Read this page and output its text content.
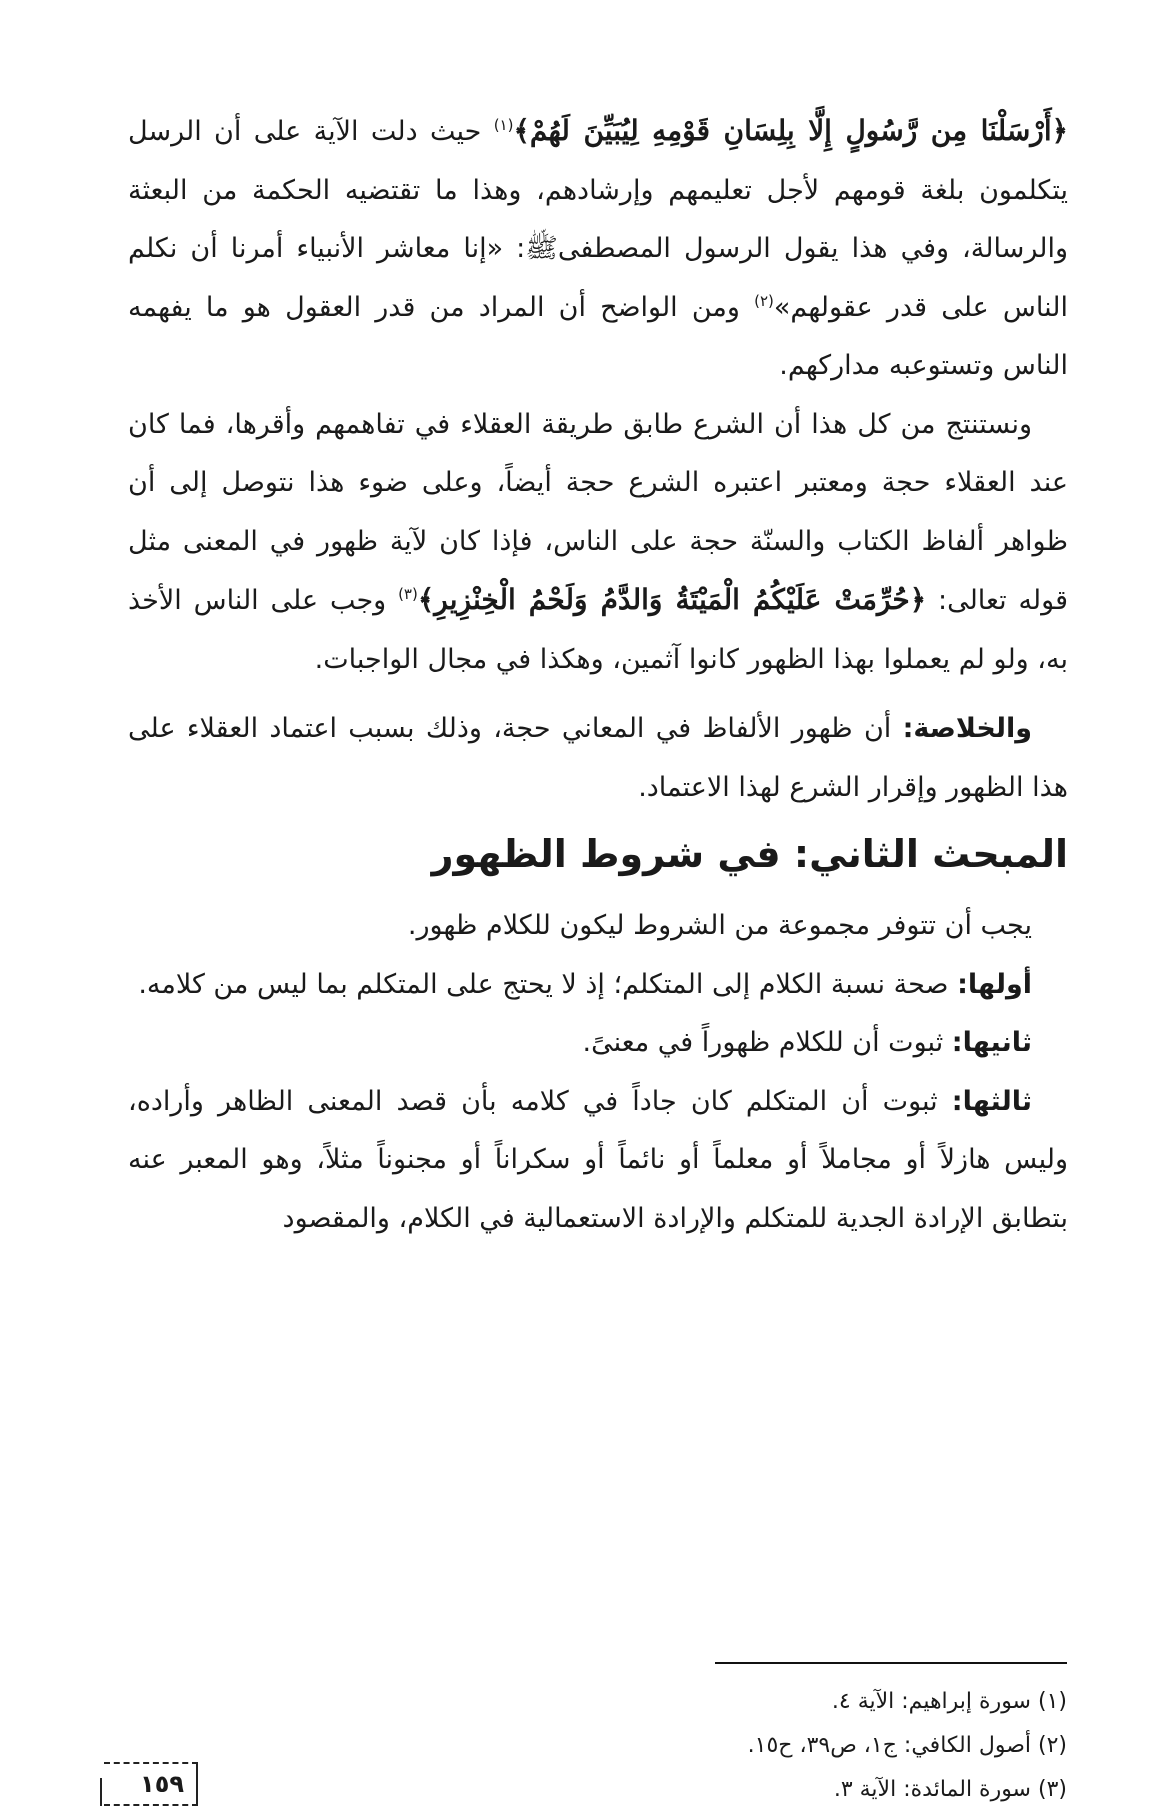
﴿أَرْسَلْنَا مِن رَّسُولٍ إِلَّا بِلِسَانِ قَوْمِهِ لِيُبَيِّنَ لَهُمْ﴾$^{(١)}$ حيث دلت الآية على أن الرسل يتكلمون بلغة قومهم لأجل تعليمهم وإرشادهم، وهذا ما تقتضيه الحكمة من البعثة والرسالة، وفي هذا يقول الرسول المصطفىﷺ: «إنا معاشر الأنبياء أمرنا أن نكلم الناس على قدر عقولهم»$^{(٢)}$ ومن الواضح أن المراد من قدر العقول هو ما يفهمه الناس وتستوعبه مداركهم.

ونستنتج من كل هذا أن الشرع طابق طريقة العقلاء في تفاهمهم وأقرها، فما كان عند العقلاء حجة ومعتبر اعتبره الشرع حجة أيضاً، وعلى ضوء هذا نتوصل إلى أن ظواهر ألفاظ الكتاب والسنّة حجة على الناس، فإذا كان لآية ظهور في المعنى مثل قوله تعالى: ﴿حُرِّمَتْ عَلَيْكُمُ الْمَيْتَةُ وَالدَّمُ وَلَحْمُ الْخِنْزِيرِ﴾$^{(٣)}$ وجب على الناس الأخذ به، ولو لم يعملوا بهذا الظهور كانوا آثمين، وهكذا في مجال الواجبات.

والخلاصة: أن ظهور الألفاظ في المعاني حجة، وذلك بسبب اعتماد العقلاء على هذا الظهور وإقرار الشرع لهذا الاعتماد.

المبحث الثاني: في شروط الظهور

يجب أن تتوفر مجموعة من الشروط ليكون للكلام ظهور.

أولها: صحة نسبة الكلام إلى المتكلم؛ إذ لا يحتج على المتكلم بما ليس من كلامه.

ثانيها: ثبوت أن للكلام ظهوراً في معنىً.

ثالثها: ثبوت أن المتكلم كان جاداً في كلامه بأن قصد المعنى الظاهر وأراده، وليس هازلاً أو مجاملاً أو معلماً أو نائماً أو سكراناً أو مجنوناً مثلاً، وهو المعبر عنه بتطابق الإرادة الجدية للمتكلم والإرادة الاستعمالية في الكلام، والمقصود

(١) سورة إبراهيم: الآية ٤.
(٢) أصول الكافي: ج١، ص٣٩، ح١٥.
(٣) سورة المائدة: الآية ٣.
١٥٩
